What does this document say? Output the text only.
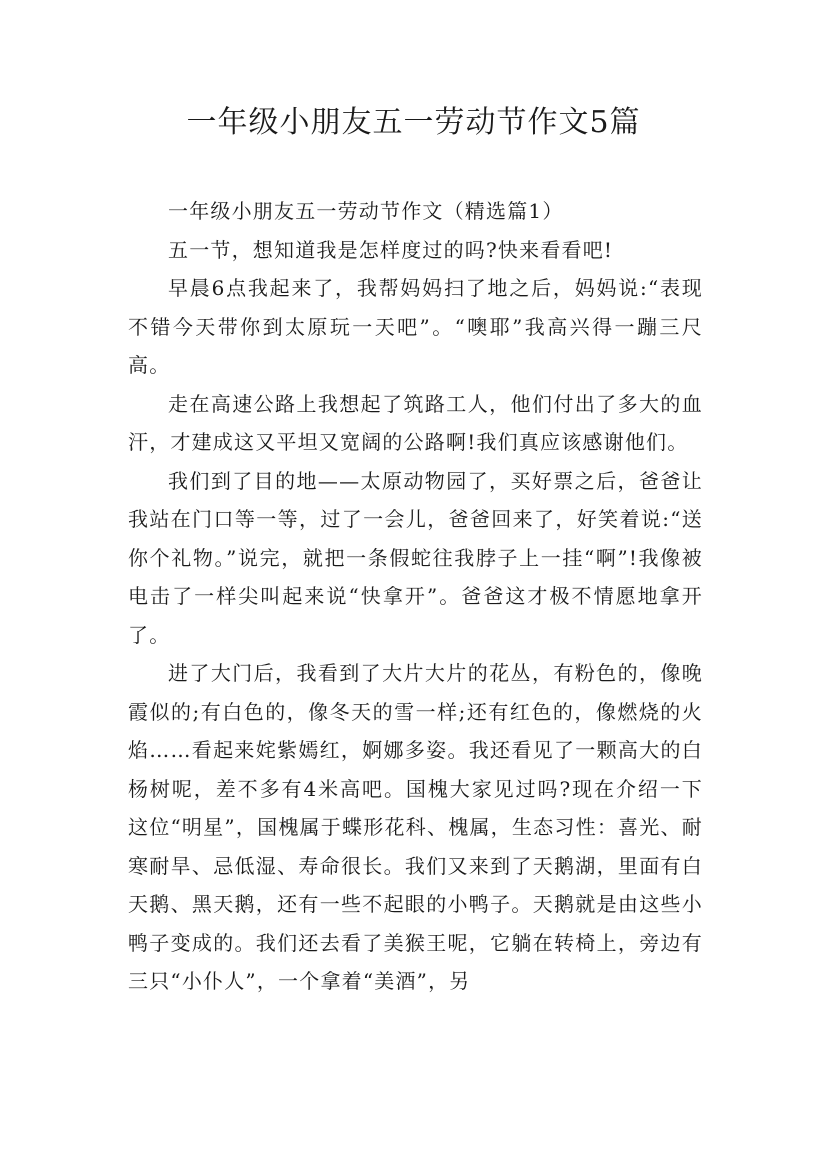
一年级小朋友五一劳动节作文5篇

一年级小朋友五一劳动节作文（精选篇1）

五一节，想知道我是怎样度过的吗?快来看看吧!

早晨6点我起来了，我帮妈妈扫了地之后，妈妈说:“表现不错今天带你到太原玩一天吧”。“噢耶”我高兴得一蹦三尺高。

走在高速公路上我想起了筑路工人，他们付出了多大的血汗，才建成这又平坦又宽阔的公路啊!我们真应该感谢他们。

我们到了目的地——太原动物园了，买好票之后，爸爸让我站在门口等一等，过了一会儿，爸爸回来了，好笑着说:“送你个礼物。”说完，就把一条假蛇往我脖子上一挂“啊”!我像被电击了一样尖叫起来说“快拿开”。爸爸这才极不情愿地拿开了。

进了大门后，我看到了大片大片的花丛，有粉色的，像晚霞似的;有白色的，像冬天的雪一样;还有红色的，像燃烧的火焰……看起来姹紫嫣红，婀娜多姿。我还看见了一颗高大的白杨树呢，差不多有4米高吧。国槐大家见过吗?现在介绍一下这位“明星”，国槐属于蝶形花科、槐属，生态习性：喜光、耐寒耐旱、忌低湿、寿命很长。我们又来到了天鹅湖，里面有白天鹅、黑天鹅，还有一些不起眼的小鸭子。天鹅就是由这些小鸭子变成的。我们还去看了美猴王呢，它躺在转椅上，旁边有三只“小仆人”，一个拿着“美酒”，另
